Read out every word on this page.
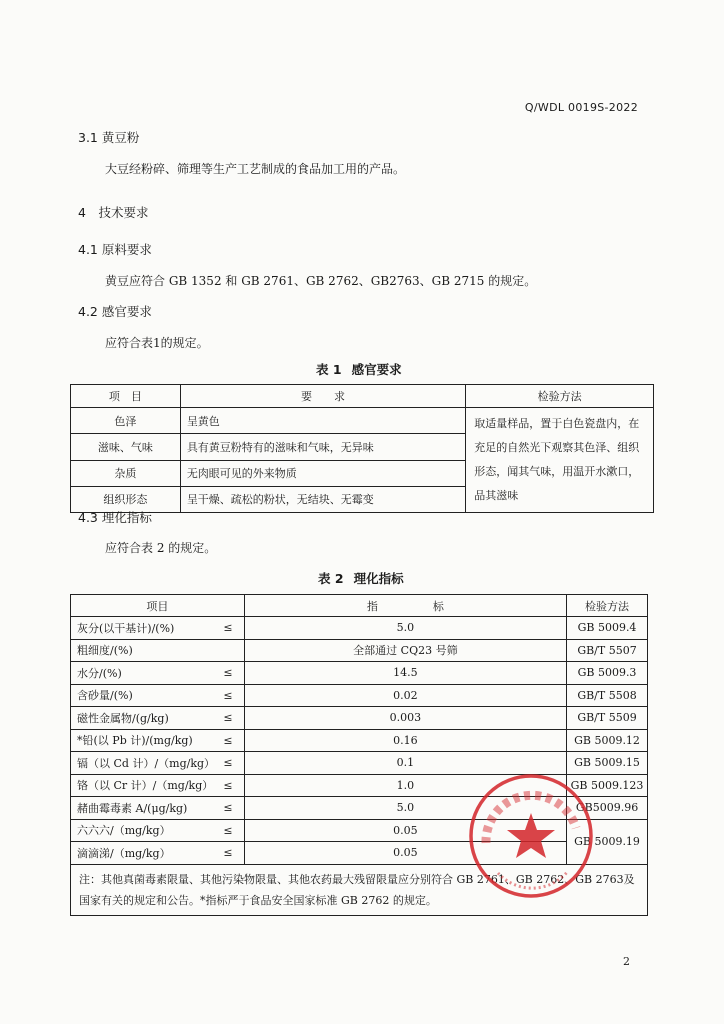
Q/WDL 0019S-2022
3.1 黄豆粉
大豆经粉碎、筛理等生产工艺制成的食品加工用的产品。
4　技术要求
4.1 原料要求
黄豆应符合 GB 1352 和 GB 2761、GB 2762、GB2763、GB 2715 的规定。
4.2 感官要求
应符合表1的规定。
表 1 感官要求
项　目	要　　求	检验方法
色泽	呈黄色	取适量样品，置于白色瓷盘内，在充足的自然光下观察其色泽、组织形态，闻其气味，用温开水漱口，品其滋味
滋味、气味	具有黄豆粉特有的滋味和气味，无异味	
杂质	无肉眼可见的外来物质	
组织形态	呈干燥、疏松的粉状，无结块、无霉变	
4.3 理化指标
应符合表 2 的规定。
表 2 理化指标
项目		指　　　　　标	检验方法
灰分(以干基计)/(%)	≤	5.0	GB 5009.4
粗细度/(%)		全部通过 CQ23 号筛	GB/T 5507
水分/(%)	≤	14.5	GB 5009.3
含砂量/(%)	≤	0.02	GB/T 5508
磁性金属物/(g/kg)	≤	0.003	GB/T 5509
*铅(以 Pb 计)/(mg/kg)	≤	0.16	GB 5009.12
镉（以 Cd 计）/（mg/kg）	≤	0.1	GB 5009.15
铬（以 Cr 计）/（mg/kg）	≤	1.0	GB 5009.123
赭曲霉毒素 A/(μg/kg)	≤	5.0	GB5009.96
六六六/（mg/kg）	≤	0.05	GB 5009.19
滴滴涕/（mg/kg）	≤	0.05	
注：其他真菌毒素限量、其他污染物限量、其他农药最大残留限量应分别符合 GB 2761、GB 2762、GB 2763及国家有关的规定和公告。*指标严于食品安全国家标准 GB 2762 的规定。			
2
